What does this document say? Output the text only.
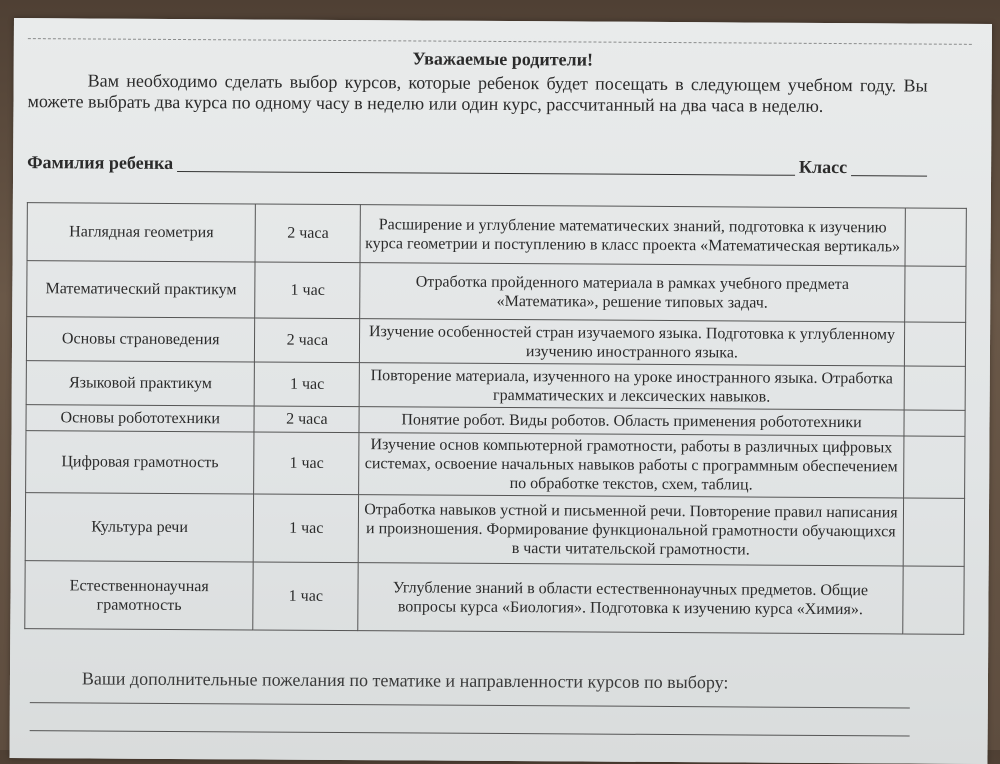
Уважаемые родители!

Вам необходимо сделать выбор курсов, которые ребенок будет посещать в следующем учебном году. Вы можете выбрать два курса по одному часу в неделю или один курс, рассчитанный на два часа в неделю.

Фамилия ребенка	Класс
Наглядная геометрия	2 часа	Расширение и углубление математических знаний, подготовка к изучению курса геометрии и поступлению в класс проекта «Математическая вертикаль»	
Математический практикум	1 час	Отработка пройденного материала в рамках учебного предмета «Математика», решение типовых задач.	
Основы страноведения	2 часа	Изучение особенностей стран изучаемого языка. Подготовка к углубленному изучению иностранного языка.	
Языковой практикум	1 час	Повторение материала, изученного на уроке иностранного языка. Отработка грамматических и лексических навыков.	
Основы робототехники	2 часа	Понятие робот. Виды роботов. Область применения робототехники	
Цифровая грамотность	1 час	Изучение основ компьютерной грамотности, работы в различных цифровых системах, освоение начальных навыков работы с программным обеспечением по обработке текстов, схем, таблиц.	
Культура речи	1 час	Отработка навыков устной и письменной речи. Повторение правил написания и произношения. Формирование функциональной грамотности обучающихся в части читательской грамотности.	
Естественнонаучная грамотность	1 час	Углубление знаний в области естественнонаучных предметов. Общие вопросы курса «Биология». Подготовка к изучению курса «Химия».	
Ваши дополнительные пожелания по тематике и направленности курсов по выбору:
